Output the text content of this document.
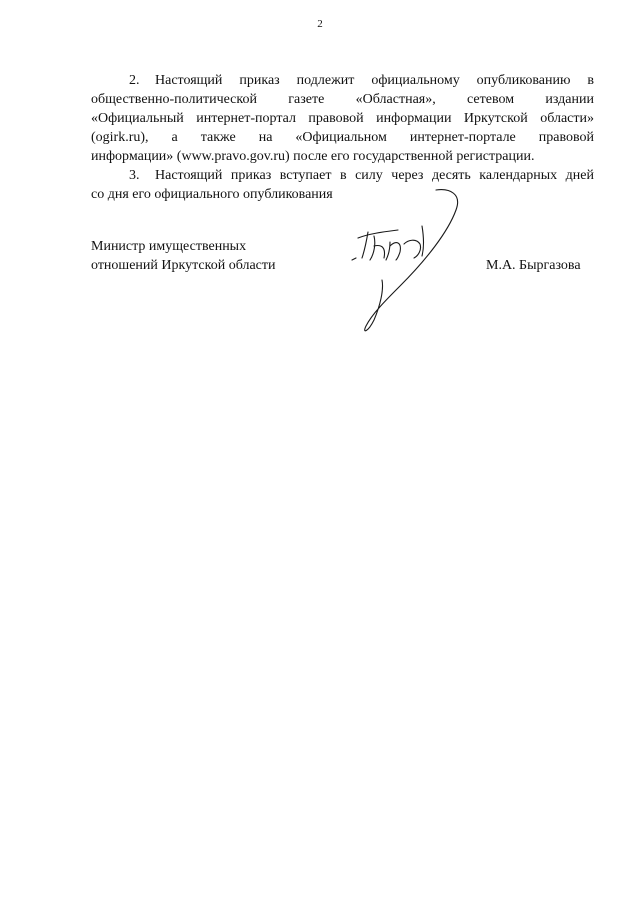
2
2. Настоящий приказ подлежит официальному опубликованию в
общественно-политической газете «Областная», сетевом издании
«Официальный интернет-портал правовой информации Иркутской области»
(ogirk.ru), а также на «Официальном интернет-портале правовой
информации» (www.pravo.gov.ru) после его государственной регистрации.
3. Настоящий приказ вступает в силу через десять календарных дней
со дня его официального опубликования
Министр имущественных
отношений Иркутской области	М.А. Быргазова
